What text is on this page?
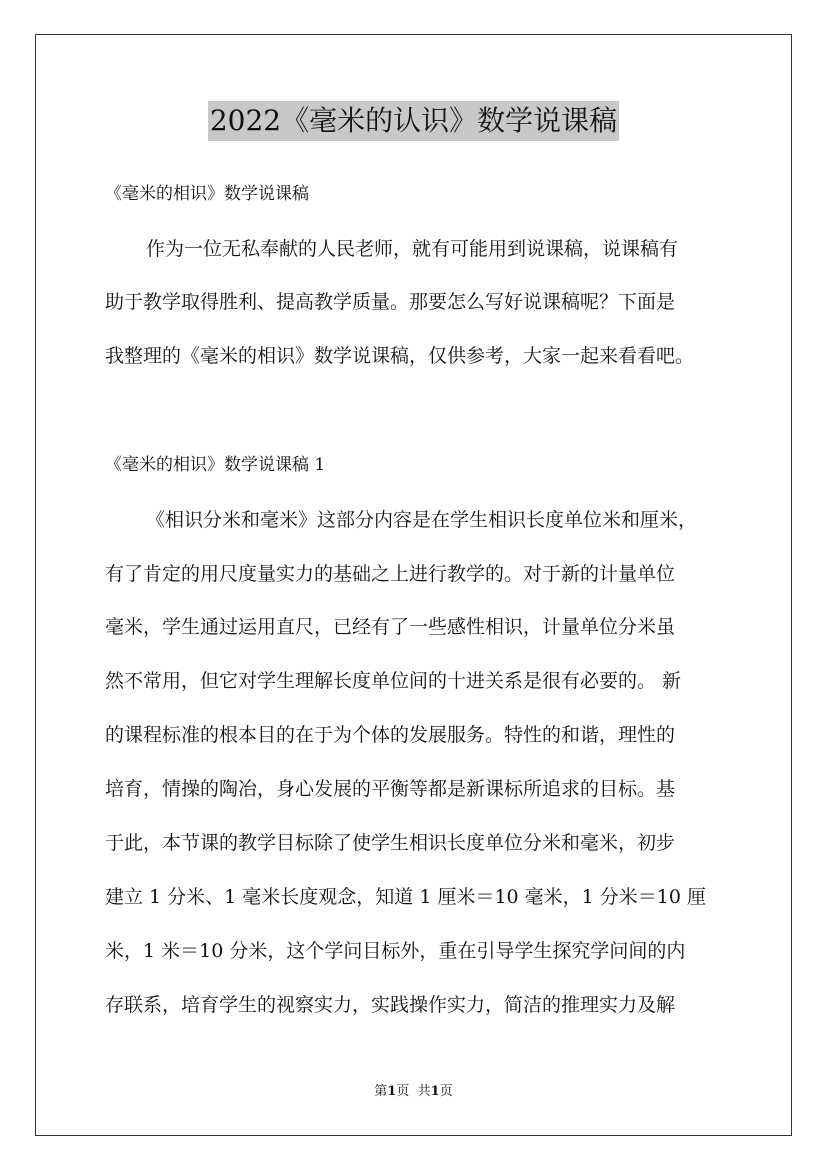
2022《毫米的认识》数学说课稿
《毫米的相识》数学说课稿
作为一位无私奉献的人民老师，就有可能用到说课稿，说课稿有
助于教学取得胜利、提高教学质量。那要怎么写好说课稿呢？下面是
我整理的《毫米的相识》数学说课稿，仅供参考，大家一起来看看吧。
《毫米的相识》数学说课稿 1
《相识分米和毫米》这部分内容是在学生相识长度单位米和厘米，
有了肯定的用尺度量实力的基础之上进行教学的。对于新的计量单位
毫米，学生通过运用直尺，已经有了一些感性相识，计量单位分米虽
然不常用，但它对学生理解长度单位间的十进关系是很有必要的。 新
的课程标准的根本目的在于为个体的发展服务。特性的和谐，理性的
培育，情操的陶冶，身心发展的平衡等都是新课标所追求的目标。基
于此，本节课的教学目标除了使学生相识长度单位分米和毫米，初步
建立 1 分米、1 毫米长度观念，知道 1 厘米＝10 毫米，1 分米＝10 厘
米，1 米＝10 分米，这个学问目标外，重在引导学生探究学问间的内
存联系，培育学生的视察实力，实践操作实力，简洁的推理实力及解
第1页 共1页
